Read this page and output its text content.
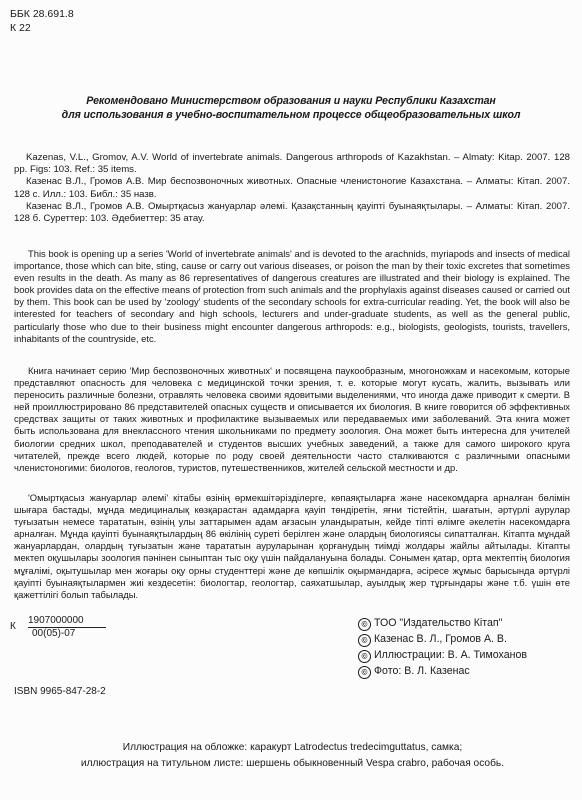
ББК 28.691.8
К 22
Рекомендовано Министерством образования и науки Республики Казахстан
для использования в учебно-воспитательном процессе общеобразовательных школ

Kazenas, V.L., Gromov, A.V. World of invertebrate animals. Dangerous arthropods of Kazakhstan. – Almaty: Kitap. 2007. 128 pp. Figs: 103. Ref.: 35 items.

Казенас В.Л., Громов А.В. Мир беспозвоночных животных. Опасные членистоногие Казахстана. – Алматы: Кітап. 2007. 128 с. Илл.: 103. Библ.: 35 назв.

Казенас В.Л., Громов А.В. Омыртқасыз жануарлар әлемі. Қазақстанның қауіпті буынаяқтылары. – Алматы: Кітап. 2007. 128 б. Суреттер: 103. Әдебиеттер: 35 атау.

This book is opening up a series 'World of invertebrate animals' and is devoted to the arachnids, myriapods and insects of medical importance, those which can bite, sting, cause or carry out various diseases, or poison the man by their toxic excretes that sometimes even results in the death. As many as 86 representatives of dangerous creatures are illustrated and their biology is explained. The book provides data on the effective means of protection from such animals and the prophylaxis against diseases caused or carried out by them. This book can be used by 'zoology' students of the secondary schools for extra-curricular reading. Yet, the book will also be interested for teachers of secondary and high schools, lecturers and under-graduate students, as well as the general public, particularly those who due to their business might encounter dangerous arthropods: e.g., biologists, geologists, tourists, travellers, inhabitants of the countryside, etc.

Книга начинает серию 'Мир беспозвоночных животных' и посвящена паукообразным, многоножкам и насекомым, которые представляют опасность для человека с медицинской точки зрения, т. е. которые могут кусать, жалить, вызывать или переносить различные болезни, отравлять человека своими ядовитыми выделениями, что иногда даже приводит к смерти. В ней проиллюстрировано 86 представителей опасных существ и описывается их биология. В книге говорится об эффективных средствах защиты от таких животных и профилактике вызываемых или передаваемых ими заболеваний. Эта книга может быть использована для внеклассного чтения школьниками по предмету зоология. Она может быть интересна для учителей биологии средних школ, преподавателей и студентов высших учебных заведений, а также для самого широкого круга читателей, прежде всего людей, которые по роду своей деятельности часто сталкиваются с различными опасными членистоногими: биологов, геологов, туристов, путешественников, жителей сельской местности и др.

'Омыртқасыз жануарлар әлемі' кітабы өзінің өрмекшітәрізділерге, көпаяқтыларға және насекомдарға арналған бөлімін шығара бастады, мұнда медициналық көзқарастан адамдарға қауіп төндіретін, яғни тістейтін, шағатын, әртүрлі аурулар туғызатын немесе тарататын, өзінің улы заттарымен адам ағзасын уландыратын, кейде тіпті өлімге әкелетін насекомдарға арналған. Мұнда қауіпті буынаяқтылардың 86 өкілінің суреті берілген және олардың биологиясы сипатталған. Кітапта мұндай жануарлардан, олардың туғызатын және тарататын ауруларынан қорғанудың тиімді жолдары жайлы айтылады. Кітапты мектеп оқушылары зоология пәнінен сыныптан тыс оқу үшін пайдалануына болады. Сонымен қатар, орта мектептің биология мұғалімі, оқытушылар мен жоғары оқу орны студенттері және де көпшілік оқырмандарға, әсіресе жұмыс барысында әртүрлі қауіпті буынаяқтылармен жиі кездесетін: биологтар, геологтар, саяхатшылар, ауылдық жер тұрғындары және т.б. үшін өте қажеттілігі болып табылады.

К
1907000000
00(05)-07
ISBN 9965-847-28-2
© ТОО "Издательство Кітап"
© Казенас В. Л., Громов А. В.
© Иллюстрации: В. А. Тимоханов
© Фото: В. Л. Казенас
Иллюстрация на обложке: каракурт Latrodectus tredecimguttatus, самка;
иллюстрация на титульном листе: шершень обыкновенный Vespa crabro, рабочая особь.
